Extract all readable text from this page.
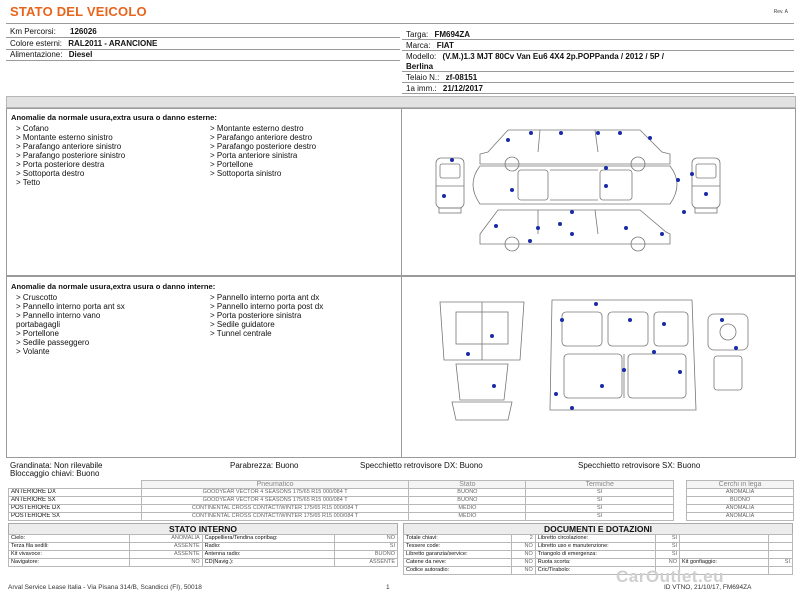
STATO DEL VEICOLO	Rev. A
Km Percorsi: 126026
Colore esterni: RAL2011 - ARANCIONE
Alimentazione: Diesel
Targa: FM694ZA
Marca: FIAT
Modello: (V.M.)1.3 MJT 80Cv Van Eu6 4X4 2p.POPPanda / 2012 / 5P /
Berlina
Telaio N.: zf-08151
1a imm.: 21/12/2017
Anomalie da normale usura,extra usura o danno esterne:
> Cofano
> Montante esterno sinistro
> Parafango anteriore sinistro
> Parafango posteriore sinistro
> Porta posteriore destra
> Sottoporta destro
> Tetto
> Montante esterno destro
> Parafango anteriore destro
> Parafango posteriore destro
> Porta anteriore sinistra
> Portellone
> Sottoporta sinistro
Anomalie da normale usura,extra usura o danno interne:
> Cruscotto
> Pannello interno porta ant sx
> Pannello interno vano
portabagagli
> Portellone
> Sedile passeggero
> Volante
> Pannello interno porta ant dx
> Pannello interno porta post dx
> Porta posteriore sinistra
> Sedile guidatore
> Tunnel centrale
Grandinata: Non rilevabile	Parabrezza: Buono	Specchietto retrovisore DX: Buono	Specchietto retrovisore SX: Buono
Bloccaggio chiavi: Buono
	Pneumatico	Stato	Termiche		Cerchi in lega
ANTERIORE DX	GOODYEAR VECTOR 4 SEASONS 175/65 R15 000/084 T	BUONO	SI		ANOMALIA
ANTERIORE SX	GOODYEAR VECTOR 4 SEASONS 175/65 R15 000/084 T	BUONO	SI		BUONO
POSTERIORE DX	CONTINENTAL CROSS CONTACT/WINTER 175/65 R15 000/084 T	MEDIO	SI		ANOMALIA
POSTERIORE SX	CONTINENTAL CROSS CONTACT/WINTER 175/65 R15 000/084 T	MEDIO	SI		ANOMALIA
STATO INTERNO
Cielo:	ANOMALIA	Cappelliera/Tendina copribag:	NO
Terza fila sedili:	ASSENTE	Radio:	SI
Kit vivavoce:	ASSENTE	Antenna radio:	BUONO
Navigatore:	NO	CD(Navig.):	ASSENTE
DOCUMENTI E DOTAZIONI
Totale chiavi:	2	Libretto circolazione:	SI		
Tessere code:	NO	Libretto uso e manutenzione:	SI		
Libretto garanzia/service:	NO	Triangolo di emergenza:	SI		
Catene da neve:	NO	Ruota scorta:	NO	Kit gonfiaggio:	SI
Codice autoradio:	NO	Cric/Tirabolo:			
Arval Service Lease Italia - Via Pisana 314/B, Scandicci (FI), 50018	1	ID VTNO, 21/10/17, FM694ZA
CarOutlet.eu
